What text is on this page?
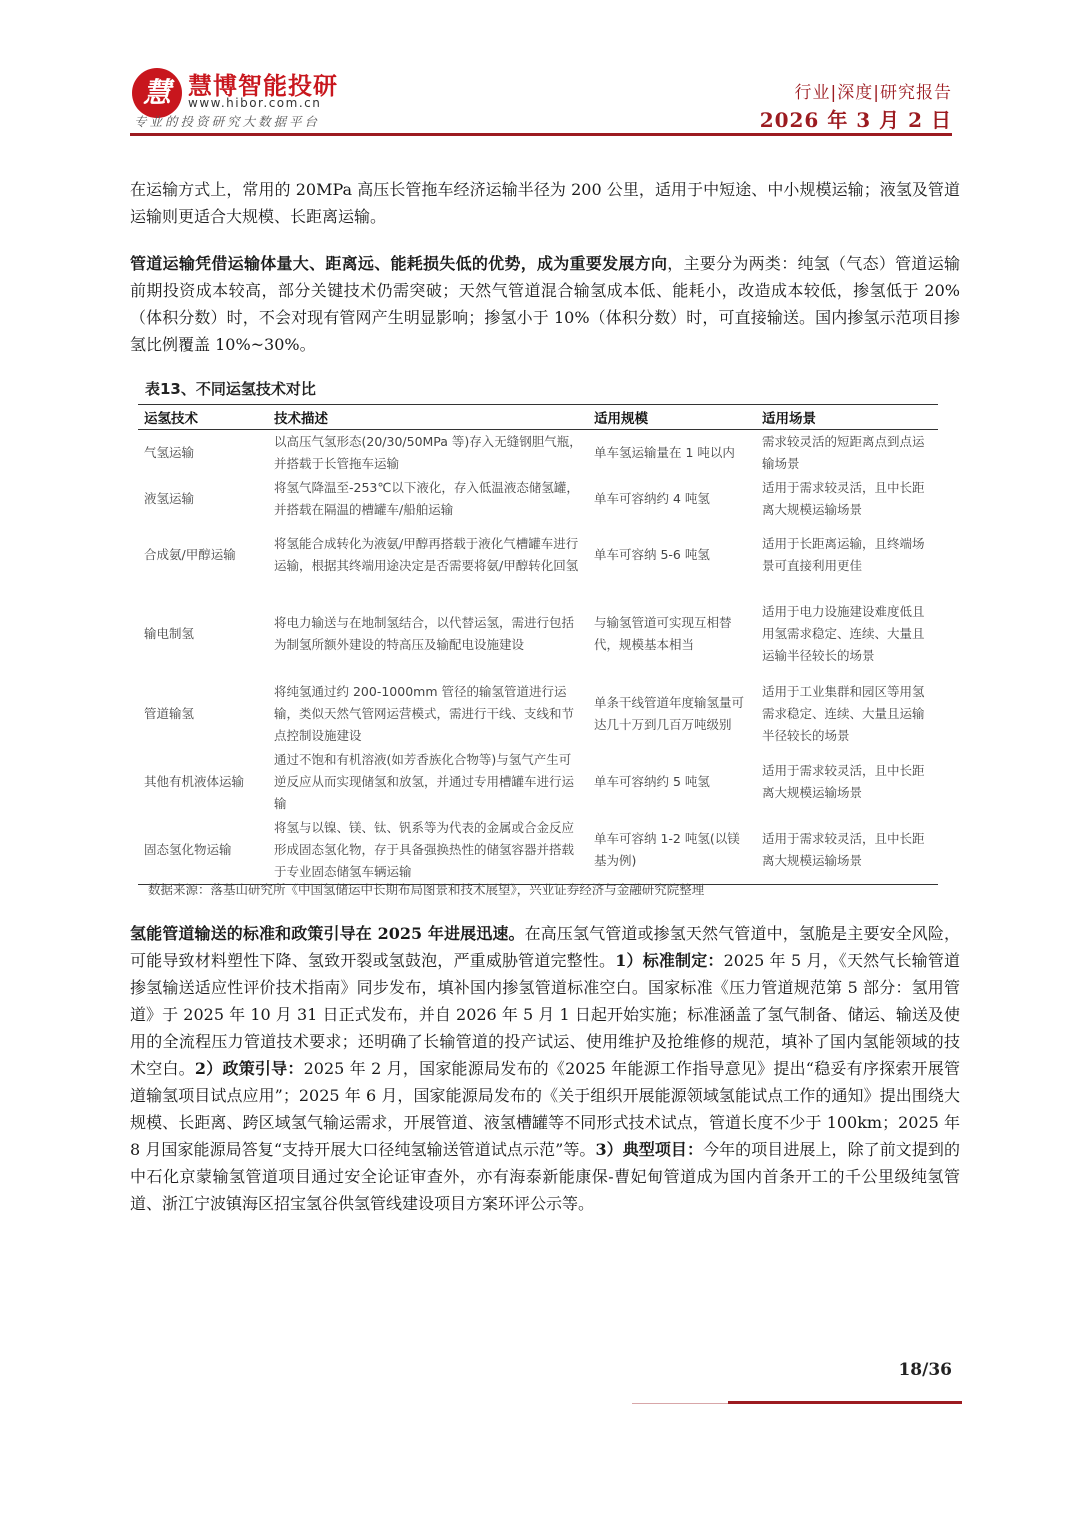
慧 慧博智能投研
www.hibor.com.cn
专业的投资研究大数据平台
行业|深度|研究报告
2026 年 3 月 2 日

在运输方式上，常用的 20MPa 高压长管拖车经济运输半径为 200 公里，适用于中短途、中小规模运输；液氢及管道运输则更适合大规模、长距离运输。

管道运输凭借运输体量大、距离远、能耗损失低的优势，成为重要发展方向，主要分为两类：纯氢（气态）管道运输前期投资成本较高，部分关键技术仍需突破；天然气管道混合输氢成本低、能耗小，改造成本较低，掺氢低于 20%（体积分数）时，不会对现有管网产生明显影响；掺氢小于 10%（体积分数）时，可直接输送。国内掺氢示范项目掺氢比例覆盖 10%~30%。

表13、不同运氢技术对比
运氢技术	技术描述	适用规模	适用场景
气氢运输	以高压气氢形态(20/30/50MPa 等)存入无缝钢胆气瓶，并搭载于长管拖车运输	单车氢运输量在 1 吨以内	需求较灵活的短距离点到点运输场景
液氢运输	将氢气降温至-253℃以下液化，存入低温液态储氢罐，并搭载在隔温的槽罐车/船舶运输	单车可容纳约 4 吨氢	适用于需求较灵活，且中长距离大规模运输场景
合成氨/甲醇运输	将氢能合成转化为液氨/甲醇再搭载于液化气槽罐车进行运输，根据其终端用途决定是否需要将氨/甲醇转化回氢	单车可容纳 5-6 吨氢	适用于长距离运输，且终端场景可直接利用更佳
输电制氢	将电力输送与在地制氢结合，以代替运氢，需进行包括为制氢所额外建设的特高压及输配电设施建设	与输氢管道可实现互相替代，规模基本相当	适用于电力设施建设难度低且用氢需求稳定、连续、大量且运输半径较长的场景
管道输氢	将纯氢通过约 200-1000mm 管径的输氢管道进行运输，类似天然气管网运营模式，需进行干线、支线和节点控制设施建设	单条干线管道年度输氢量可达几十万到几百万吨级别	适用于工业集群和园区等用氢需求稳定、连续、大量且运输半径较长的场景
其他有机液体运输	通过不饱和有机溶液(如芳香族化合物等)与氢气产生可逆反应从而实现储氢和放氢，并通过专用槽罐车进行运输	单车可容纳约 5 吨氢	适用于需求较灵活，且中长距离大规模运输场景
固态氢化物运输	将氢与以镍、镁、钛、钒系等为代表的金属或合金反应形成固态氢化物，存于具备强换热性的储氢容器并搭载于专业固态储氢车辆运输	单车可容纳 1-2 吨氢(以镁基为例)	适用于需求较灵活，且中长距离大规模运输场景
数据来源：落基山研究所《中国氢储运中长期布局图景和技术展望》，兴业证券经济与金融研究院整理

氢能管道输送的标准和政策引导在 2025 年进展迅速。在高压氢气管道或掺氢天然气管道中，氢脆是主要安全风险，可能导致材料塑性下降、氢致开裂或氢鼓泡，严重威胁管道完整性。1）标准制定：2025 年 5 月，《天然气长输管道掺氢输送适应性评价技术指南》同步发布，填补国内掺氢管道标准空白。国家标准《压力管道规范第 5 部分：氢用管道》于 2025 年 10 月 31 日正式发布，并自 2026 年 5 月 1 日起开始实施；标准涵盖了氢气制备、储运、输送及使用的全流程压力管道技术要求；还明确了长输管道的投产试运、使用维护及抢维修的规范，填补了国内氢能领域的技术空白。2）政策引导：2025 年 2 月，国家能源局发布的《2025 年能源工作指导意见》提出“稳妥有序探索开展管道输氢项目试点应用”；2025 年 6 月，国家能源局发布的《关于组织开展能源领域氢能试点工作的通知》提出围绕大规模、长距离、跨区域氢气输运需求，开展管道、液氢槽罐等不同形式技术试点，管道长度不少于 100km；2025 年 8 月国家能源局答复“支持开展大口径纯氢输送管道试点示范”等。3）典型项目：今年的项目进展上，除了前文提到的中石化京蒙输氢管道项目通过安全论证审查外，亦有海泰新能康保-曹妃甸管道成为国内首条开工的千公里级纯氢管道、浙江宁波镇海区招宝氢谷供氢管线建设项目方案环评公示等。

18/36
